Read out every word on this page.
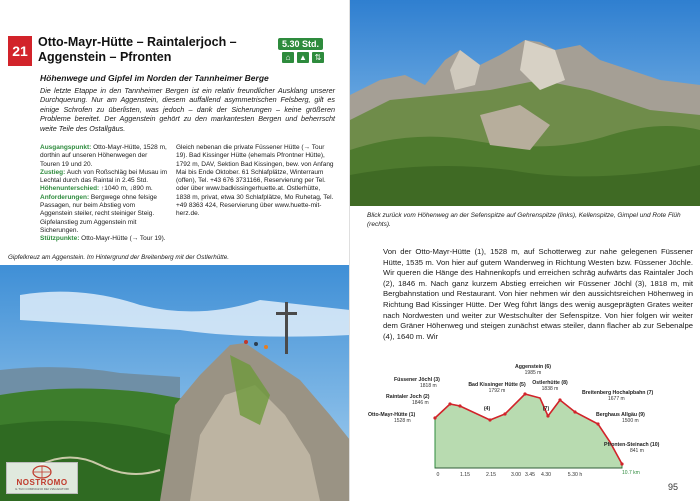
21
Otto-Mayr-Hütte – Raintalerjoch – Aggenstein – Pfronten
5.30 Std.
⌂	▲ ⇅
Höhenwege und Gipfel im Norden der Tannheimer Berge
Die letzte Etappe in den Tannheimer Bergen ist ein relativ freundlicher Ausklang unserer Durchquerung. Nur am Aggenstein, diesem auffallend asymmetrischen Felsberg, gilt es einige Schrofen zu überlisten, was jedoch – dank der Sicherungen – keine größeren Probleme bereitet. Der Aggenstein gehört zu den markantesten Bergen und beherrscht weite Teile des Ostallgäus.
Ausgangspunkt: Otto-Mayr-Hütte, 1528 m, dorthin auf unseren Höhenwegen der Touren 19 und 20.
Zustieg: Auch von Roßschläg bei Musau im Lechtal durch das Raintal in 2.45 Std.
Höhenunterschied: ↑1040 m, ↓890 m.
Anforderungen: Bergwege ohne felsige Passagen, nur beim Abstieg vom Aggenstein steiler, recht steiniger Steig. Gipfelanstieg zum Aggenstein mit Sicherungen.
Stützpunkte: Otto-Mayr-Hütte (→ Tour 19).
Gleich nebenan die private Füssener Hütte (→ Tour 19). Bad Kissinger Hütte (ehemals Pfrontner Hütte), 1792 m, DAV, Sektion Bad Kissingen, bew. von Anfang Mai bis Ende Oktober. 61 Schlafplätze, Winterraum (offen), Tel. +43 676 3731166, Reservierung per Tel. oder über www.badkissingerhuette.at. Ostlerhütte, 1838 m, privat, etwa 30 Schlafplätze, Mo Ruhetag, Tel. +49 8363 424, Reservierung über www.huette-mit-herz.de.
Gipfelkreuz am Aggenstein. Im Hintergrund der Breitenberg mit der Ostlerhütte.
NOSTROMO
IL TUO COMPAGNO DEI VIAGGIATORI
Blick zurück vom Höhenweg an der Sefenspitze auf Gehrenspitze (links), Kellenspitze, Gimpel und Rote Flüh (rechts).
Von der Otto-Mayr-Hütte (1), 1528 m, auf Schotterweg zur nahe gelegenen Füssener Hütte, 1535 m. Von hier auf gutem Wanderweg in Richtung Westen bzw. Füssener Jöchle. Wir queren die Hänge des Hahnenkopfs und erreichen schräg aufwärts das Raintaler Joch (2), 1846 m. Nach ganz kurzem Abstieg erreichen wir Füssener Jöchl (3), 1818 m, mit Bergbahnstation und Restaurant. Von hier nehmen wir den aussichtsreichen Höhenweg in Richtung Bad Kissinger Hütte. Der Weg führt längs des wenig ausgeprägten Grates weiter nach Nordwesten und weiter zur Westschulter der Sefenspitze. Von hier folgen wir weiter dem Gräner Höhenweg und steigen zunächst etwas steiler, dann flacher ab zur Sebenalpe (4), 1640 m. Wir
Otto-Mayr-Hütte (1)
1528 m
Raintaler Joch (2)
1846 m
Füssener Jöchl (3)
1818 m
(4)
Bad Kissinger Hütte (5)
1792 m
Aggenstein (6)
1985 m
(7)
Ostlerhütte (8)
1838 m
Breitenberg Hochalpbahn (7)
1677 m
Berghaus Allgäu (9)
1500 m
Pfronten-Steinach (10)
841 m
0	1.15	2.15	3.00 3.45 4.30	5.30 h	10.7 km
95
